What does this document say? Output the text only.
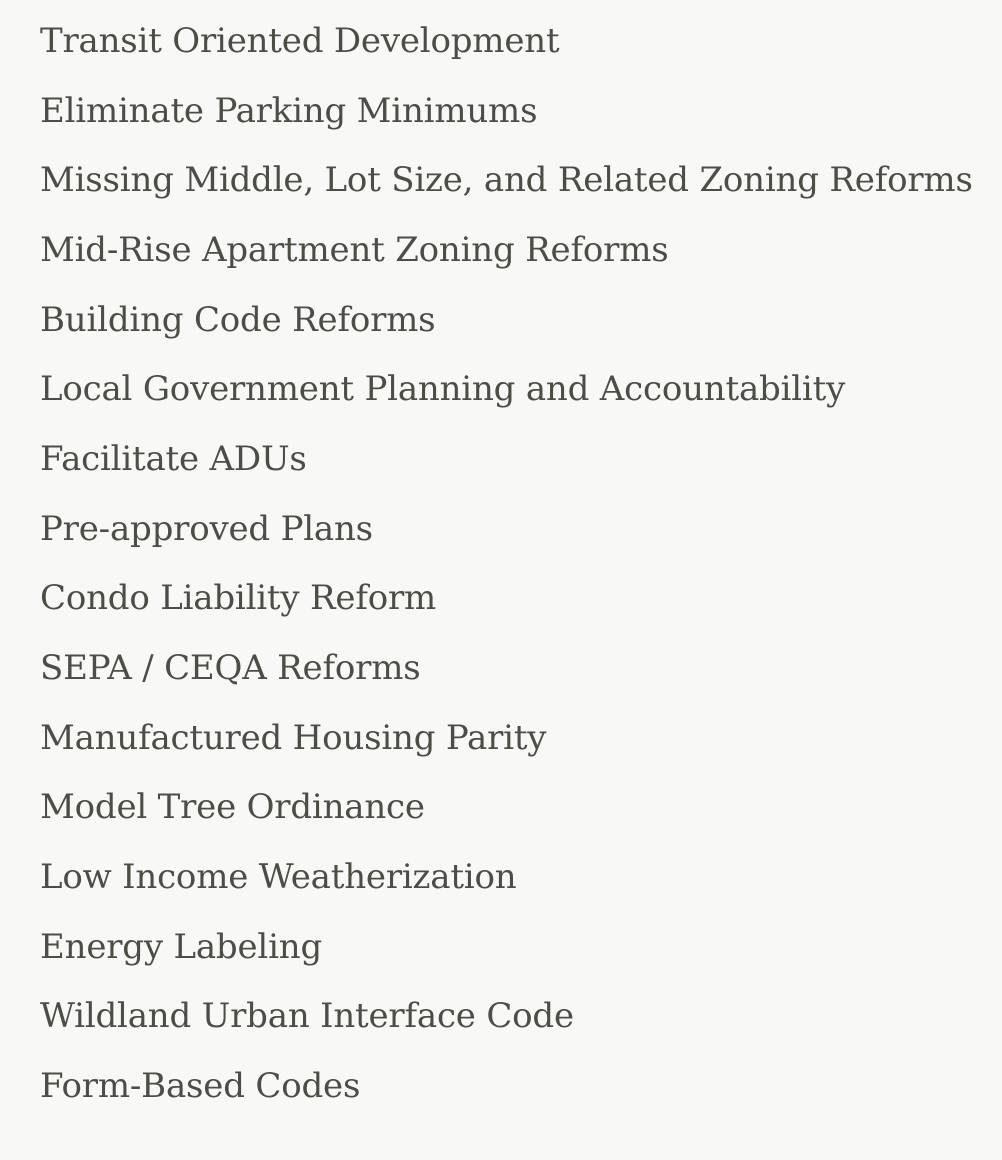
Transit Oriented Development
Eliminate Parking Minimums
Missing Middle, Lot Size, and Related Zoning Reforms
Mid-Rise Apartment Zoning Reforms
Building Code Reforms
Local Government Planning and Accountability
Facilitate ADUs
Pre-approved Plans
Condo Liability Reform
SEPA / CEQA Reforms
Manufactured Housing Parity
Model Tree Ordinance
Low Income Weatherization
Energy Labeling
Wildland Urban Interface Code
Form-Based Codes
